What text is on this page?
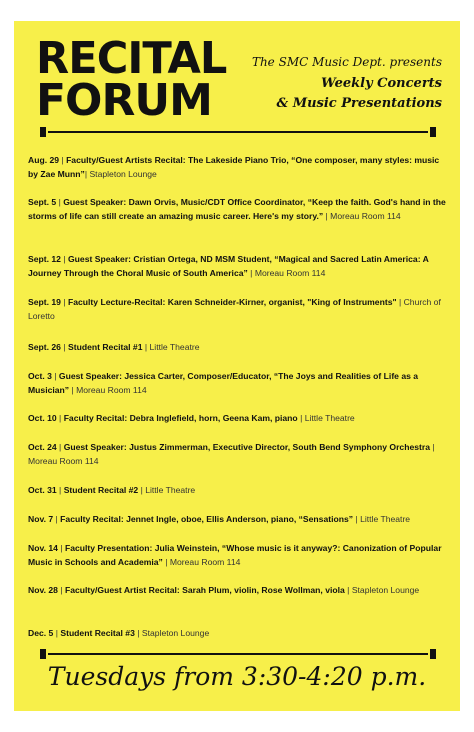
RECITAL
FORUM
The SMC Music Dept. presents
Weekly Concerts
& Music Presentations
Aug. 29 | Faculty/Guest Artists Recital: The Lakeside Piano Trio, “One composer, many styles: music by Zae Munn”| Stapleton Lounge
Sept. 5 | Guest Speaker: Dawn Orvis, Music/CDT Office Coordinator, “Keep the faith. God's hand in the storms of life can still create an amazing music career. Here's my story.” | Moreau Room 114
Sept. 12 | Guest Speaker: Cristian Ortega, ND MSM Student, “Magical and Sacred Latin America: A Journey Through the Choral Music of South America” | Moreau Room 114
Sept. 19 | Faculty Lecture-Recital: Karen Schneider-Kirner, organist, "King of Instruments" | Church of Loretto
Sept. 26 | Student Recital #1 | Little Theatre
Oct. 3 | Guest Speaker: Jessica Carter, Composer/Educator, “The Joys and Realities of Life as a Musician” | Moreau Room 114
Oct. 10 | Faculty Recital: Debra Inglefield, horn, Geena Kam, piano | Little Theatre
Oct. 24 | Guest Speaker: Justus Zimmerman, Executive Director, South Bend Symphony Orchestra | Moreau Room 114
Oct. 31 | Student Recital #2 | Little Theatre
Nov. 7 | Faculty Recital: Jennet Ingle, oboe, Ellis Anderson, piano, “Sensations” | Little Theatre
Nov. 14 | Faculty Presentation: Julia Weinstein, “Whose music is it anyway?: Canonization of Popular Music in Schools and Academia” | Moreau Room 114
Nov. 28 | Faculty/Guest Artist Recital: Sarah Plum, violin, Rose Wollman, viola | Stapleton Lounge
Dec. 5 | Student Recital #3 | Stapleton Lounge
Tuesdays from 3:30-4:20 p.m.
